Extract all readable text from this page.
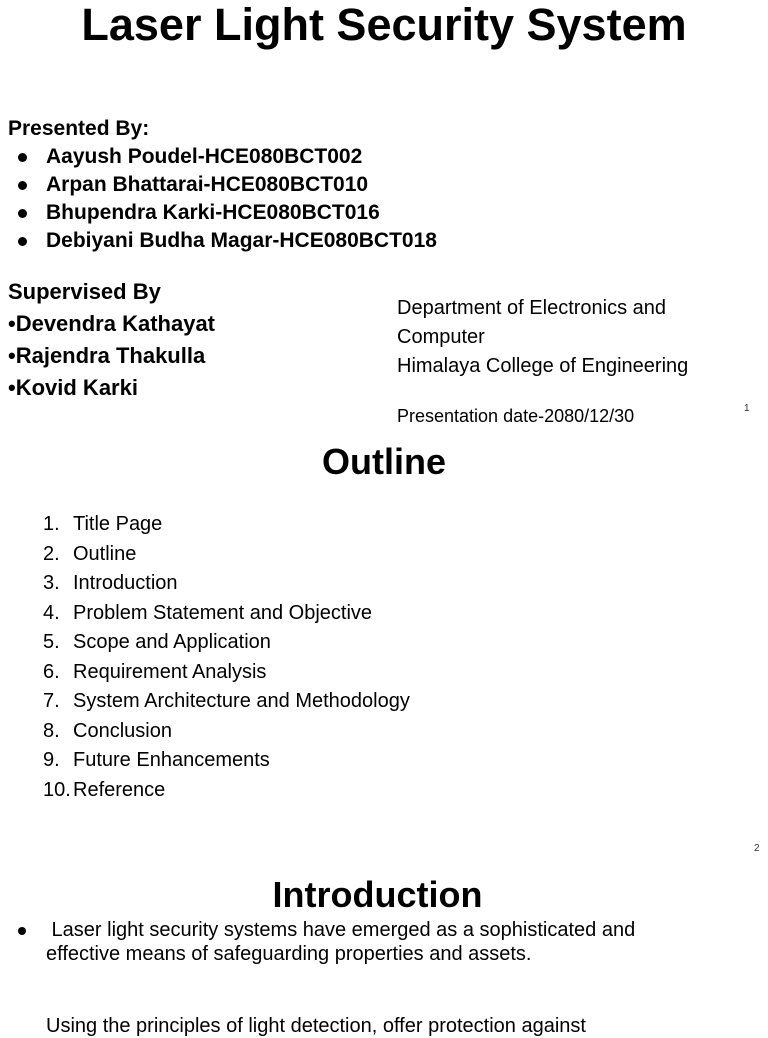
Laser Light Security System
Presented By:
Aayush Poudel-HCE080BCT002
Arpan Bhattarai-HCE080BCT010
Bhupendra Karki-HCE080BCT016
Debiyani Budha Magar-HCE080BCT018
Supervised By
•Devendra Kathayat
•Rajendra Thakulla
•Kovid Karki
Department of Electronics and
Computer
Himalaya College of Engineering
Presentation date-2080/12/30	1
Outline
1. Title Page
2. Outline
3. Introduction
4. Problem Statement and Objective
5. Scope and Application
6. Requirement Analysis
7. System Architecture and Methodology
8. Conclusion
9. Future Enhancements
10. Reference
2
Introduction
Laser light security systems have emerged as a sophisticated and
effective means of safeguarding properties and assets.
Using the principles of light detection, offer protection against
